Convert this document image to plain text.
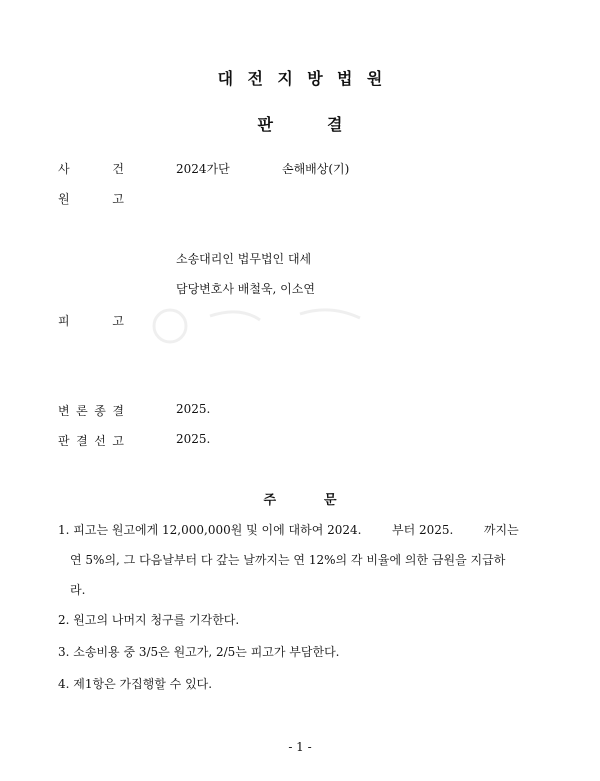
대전지방법원
판	결
사	건	2024가단	손해배상(기)
원	고
소송대리인 법무법인 대세
담당변호사 배철욱, 이소연
피	고
변 론 종 결	2025.
판 결 선 고	2025.
주	문
1. 피고는 원고에게 12,000,000원 및 이에 대하여 2024.        부터 2025.        까지는
연 5%의, 그 다음날부터 다 갚는 날까지는 연 12%의 각 비율에 의한 금원을 지급하
라.
2. 원고의 나머지 청구를 기각한다.
3. 소송비용 중 3/5은 원고가, 2/5는 피고가 부담한다.
4. 제1항은 가집행할 수 있다.
- 1 -
